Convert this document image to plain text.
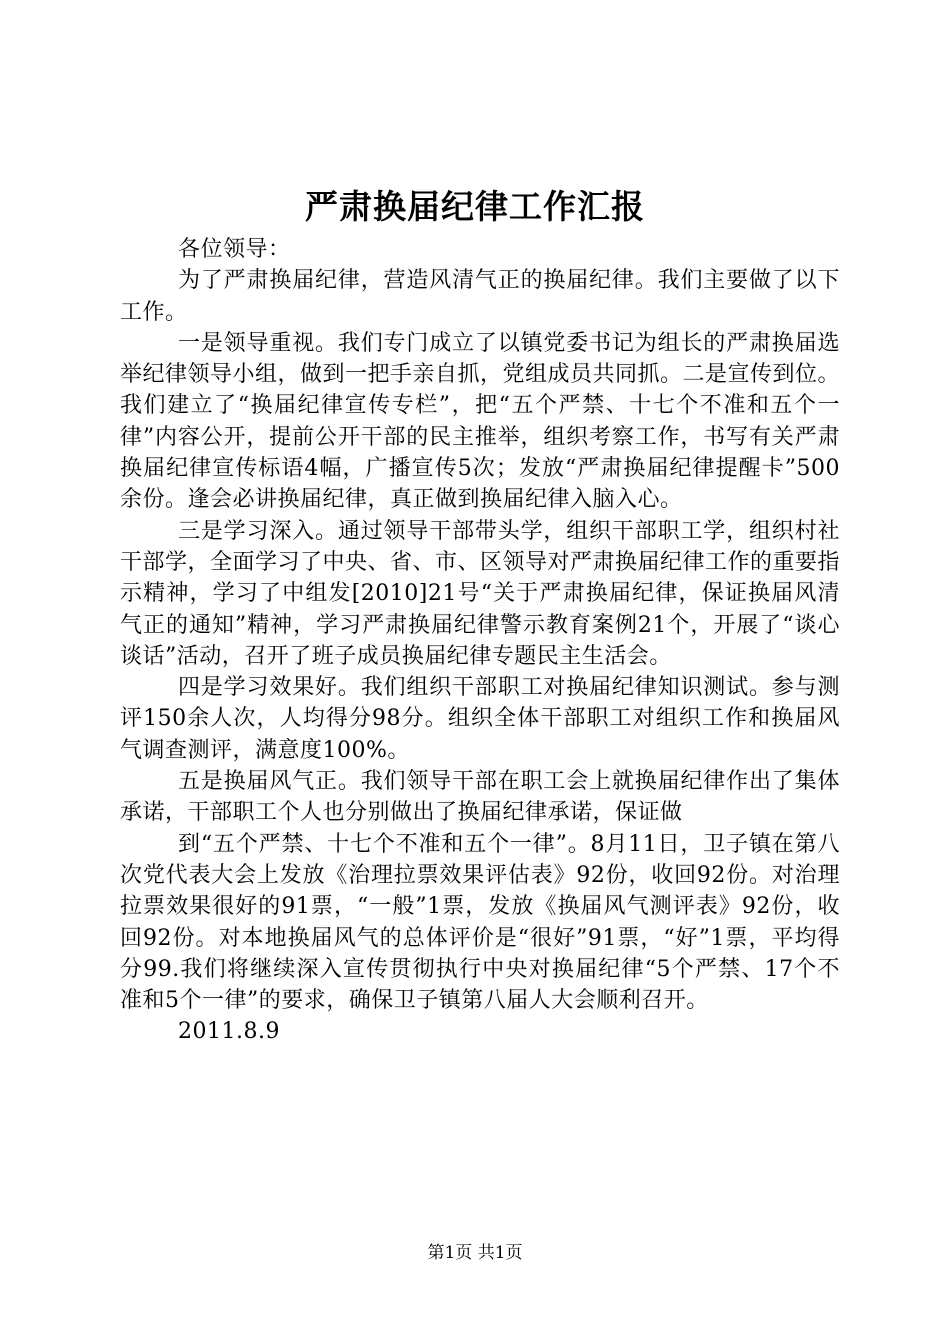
严肃换届纪律工作汇报

各位领导：

为了严肃换届纪律，营造风清气正的换届纪律。我们主要做了以下工作。

一是领导重视。我们专门成立了以镇党委书记为组长的严肃换届选举纪律领导小组，做到一把手亲自抓，党组成员共同抓。二是宣传到位。我们建立了“换届纪律宣传专栏”，把“五个严禁、十七个不准和五个一律”内容公开，提前公开干部的民主推举，组织考察工作，书写有关严肃换届纪律宣传标语4幅，广播宣传5次；发放“严肃换届纪律提醒卡”500余份。逢会必讲换届纪律，真正做到换届纪律入脑入心。

三是学习深入。通过领导干部带头学，组织干部职工学，组织村社干部学，全面学习了中央、省、市、区领导对严肃换届纪律工作的重要指示精神，学习了中组发[2010]21号“关于严肃换届纪律，保证换届风清气正的通知”精神，学习严肃换届纪律警示教育案例21个，开展了“谈心谈话”活动，召开了班子成员换届纪律专题民主生活会。

四是学习效果好。我们组织干部职工对换届纪律知识测试。参与测评150余人次，人均得分98分。组织全体干部职工对组织工作和换届风气调查测评，满意度100%。

五是换届风气正。我们领导干部在职工会上就换届纪律作出了集体承诺，干部职工个人也分别做出了换届纪律承诺，保证做

到“五个严禁、十七个不准和五个一律”。8月11日，卫子镇在第八次党代表大会上发放《治理拉票效果评估表》92份，收回92份。对治理拉票效果很好的91票，“一般”1票，发放《换届风气测评表》92份，收回92份。对本地换届风气的总体评价是“很好”91票，“好”1票，平均得分99.我们将继续深入宣传贯彻执行中央对换届纪律“5个严禁、17个不准和5个一律”的要求，确保卫子镇第八届人大会顺利召开。

2011.8.9

第1页 共1页
